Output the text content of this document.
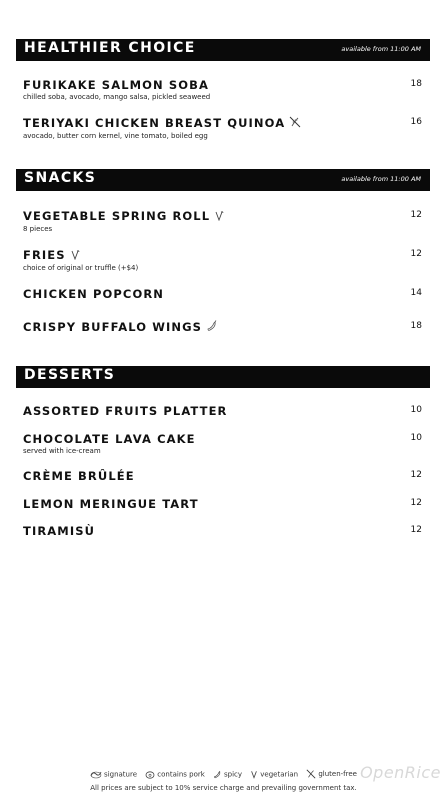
HEALTHIER CHOICE	available from 11:00 AM
FURIKAKE SALMON SOBA
chilled soba, avocado, mango salsa, pickled seaweed
18
TERIYAKI CHICKEN BREAST QUINOA
avocado, butter corn kernel, vine tomato, boiled egg
16
SNACKS	available from 11:00 AM
VEGETABLE SPRING ROLL
8 pieces
12
FRIES
choice of original or truffle (+$4)
12
CHICKEN POPCORN	14
CRISPY BUFFALO WINGS	18
DESSERTS
ASSORTED FRUITS PLATTER	10
CHOCOLATE LAVA CAKE
served with ice-cream
10
CRÈME BRÛLÉE	12
LEMON MERINGUE TART	12
TIRAMISÙ	12
signature	contains pork	spicy	vegetarian	gluten-free
All prices are subject to 10% service charge and prevailing government tax.
OpenRice
